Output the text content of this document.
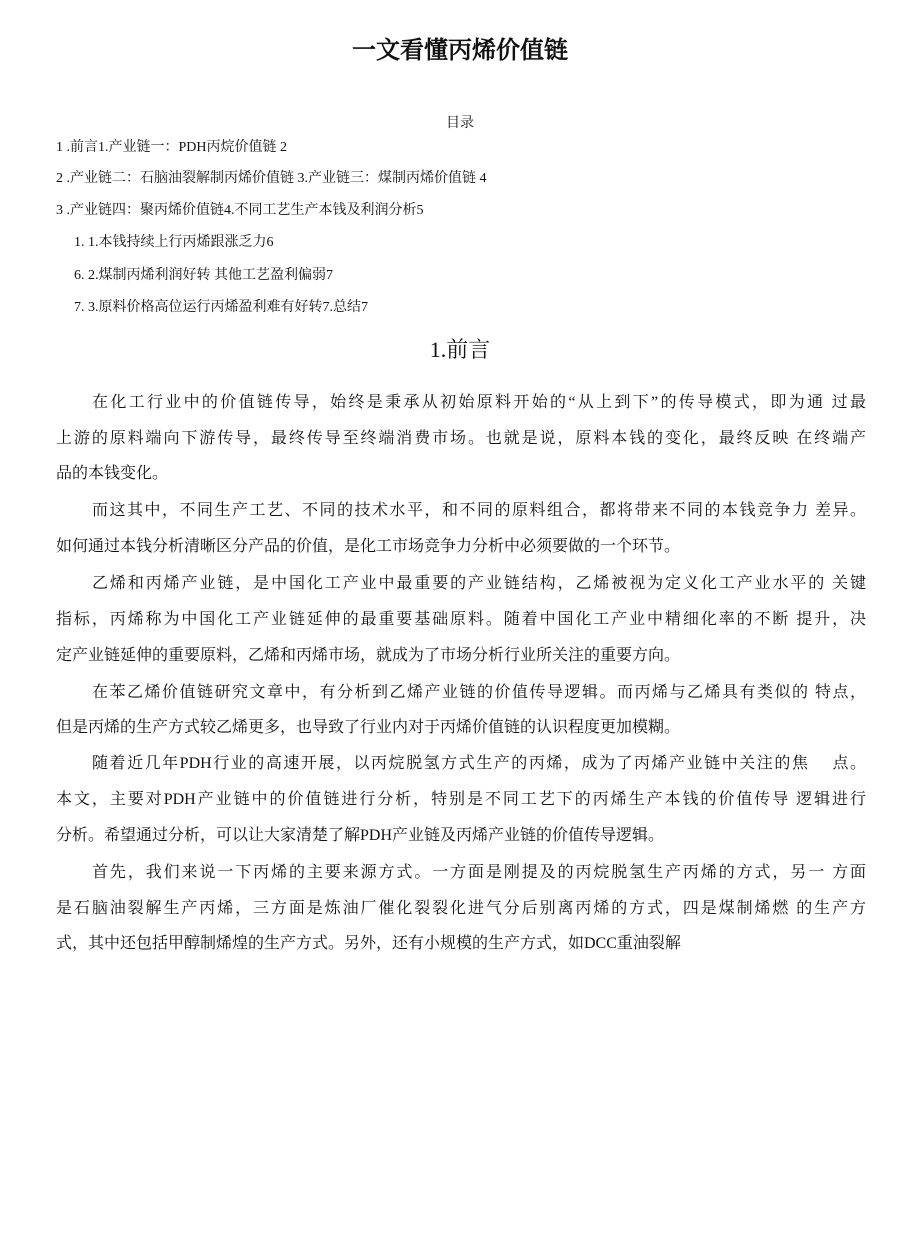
一文看懂丙烯价值链
目录
1 .前言1.产业链一：PDH丙烷价值链 2
2 .产业链二：石脑油裂解制丙烯价值链 3.产业链三：煤制丙烯价值链 4
3 .产业链四：聚丙烯价值链4.不同工艺生产本钱及利润分析5
1. 1.本钱持续上行丙烯跟涨乏力6
6. 2.煤制丙烯利润好转 其他工艺盈利偏弱7
7. 3.原料价格高位运行丙烯盈利难有好转7.总结7
1.前言
在化工行业中的价值链传导，始终是秉承从初始原料开始的“从上到下”的传导模式，即为通 过最
上游的原料端向下游传导，最终传导至终端消费市场。也就是说，原料本钱的变化，最终反映 在终端产
品的本钱变化。
而这其中，不同生产工艺、不同的技术水平，和不同的原料组合，都将带来不同的本钱竞争力 差异。
如何通过本钱分析清晰区分产品的价值，是化工市场竞争力分析中必须要做的一个环节。
乙烯和丙烯产业链，是中国化工产业中最重要的产业链结构，乙烯被视为定义化工产业水平的 关键
指标，丙烯称为中国化工产业链延伸的最重要基础原料。随着中国化工产业中精细化率的不断 提升，决
定产业链延伸的重要原料，乙烯和丙烯市场，就成为了市场分析行业所关注的重要方向。
在苯乙烯价值链研究文章中，有分析到乙烯产业链的价值传导逻辑。而丙烯与乙烯具有类似的 特点，
但是丙烯的生产方式较乙烯更多，也导致了行业内对于丙烯价值链的认识程度更加模糊。
随着近几年PDH行业的高速开展，以丙烷脱氢方式生产的丙烯，成为了丙烯产业链中关注的焦　 点。
本文，主要对PDH产业链中的价值链进行分析，特别是不同工艺下的丙烯生产本钱的价值传导 逻辑进行
分析。希望通过分析，可以让大家清楚了解PDH产业链及丙烯产业链的价值传导逻辑。
首先，我们来说一下丙烯的主要来源方式。一方面是刚提及的丙烷脱氢生产丙烯的方式，另一 方面
是石脑油裂解生产丙烯，三方面是炼油厂催化裂裂化进气分后别离丙烯的方式，四是煤制烯燃 的生产方
式，其中还包括甲醇制烯煌的生产方式。另外，还有小规模的生产方式，如DCC重油裂解
